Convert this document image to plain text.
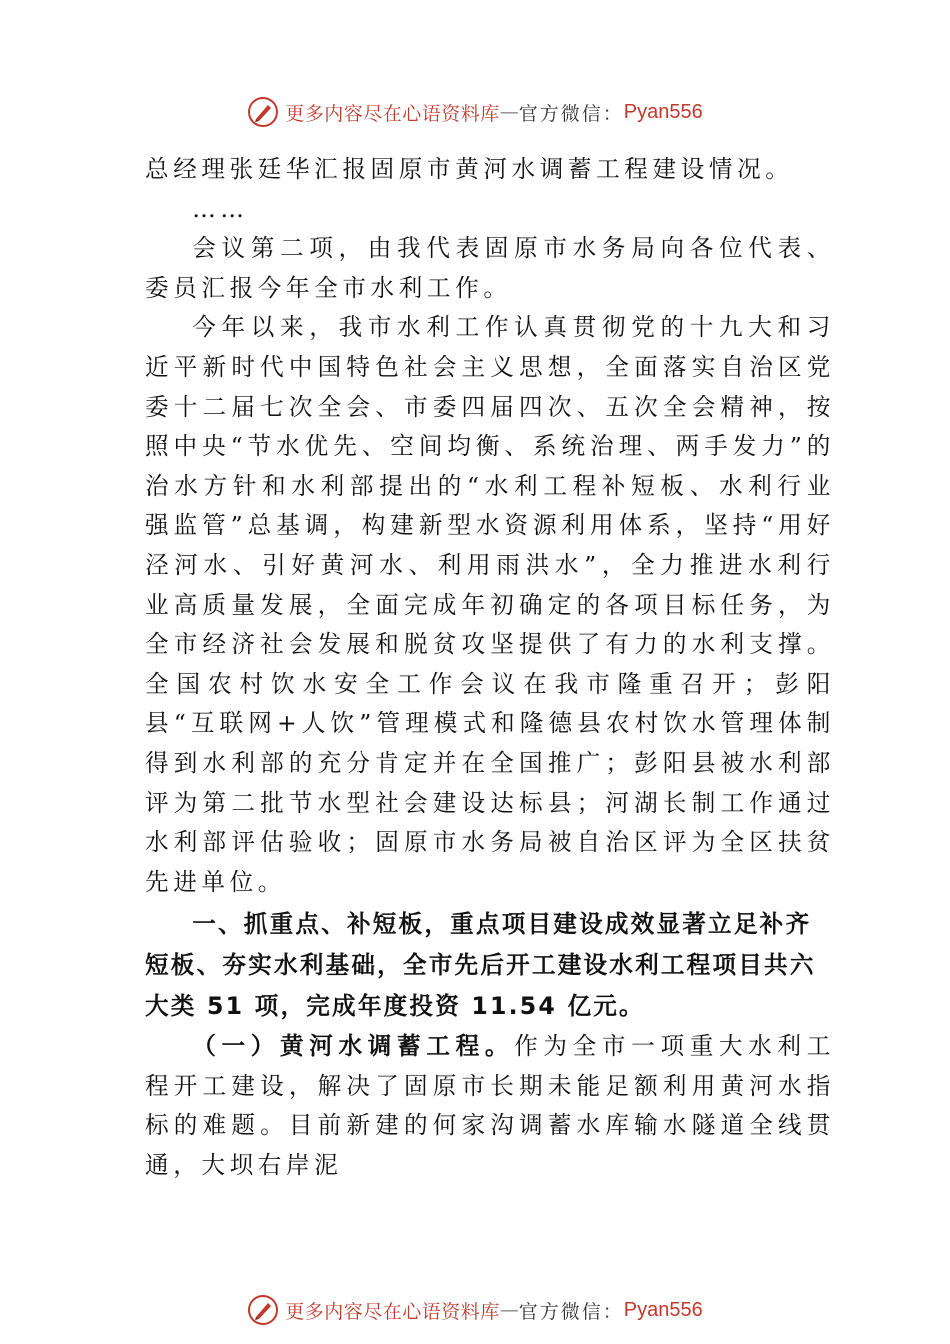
更多内容尽在心语资料库 — 官方微信： Pyan556

总经理张廷华汇报固原市黄河水调蓄工程建设情况。

……

会议第二项，由我代表固原市水务局向各位代表、委员汇报今年全市水利工作。

今年以来，我市水利工作认真贯彻党的十九大和习近平新时代中国特色社会主义思想，全面落实自治区党委十二届七次全会、市委四届四次、五次全会精神，按照中央“节水优先、空间均衡、系统治理、两手发力”的治水方针和水利部提出的“水利工程补短板、水利行业强监管”总基调，构建新型水资源利用体系，坚持“用好泾河水、引好黄河水、利用雨洪水”，全力推进水利行业高质量发展，全面完成年初确定的各项目标任务，为全市经济社会发展和脱贫攻坚提供了有力的水利支撑。全国农村饮水安全工作会议在我市隆重召开；彭阳县“互联网+人饮”管理模式和隆德县农村饮水管理体制得到水利部的充分肯定并在全国推广；彭阳县被水利部评为第二批节水型社会建设达标县；河湖长制工作通过水利部评估验收；固原市水务局被自治区评为全区扶贫先进单位。

一、抓重点、补短板，重点项目建设成效显著立足补齐短板、夯实水利基础，全市先后开工建设水利工程项目共六大类 51 项，完成年度投资 11.54 亿元。

（一）黄河水调蓄工程。作为全市一项重大水利工程开工建设，解决了固原市长期未能足额利用黄河水指标的难题。目前新建的何家沟调蓄水库输水隧道全线贯通，大坝右岸泥

更多内容尽在心语资料库 — 官方微信： Pyan556
